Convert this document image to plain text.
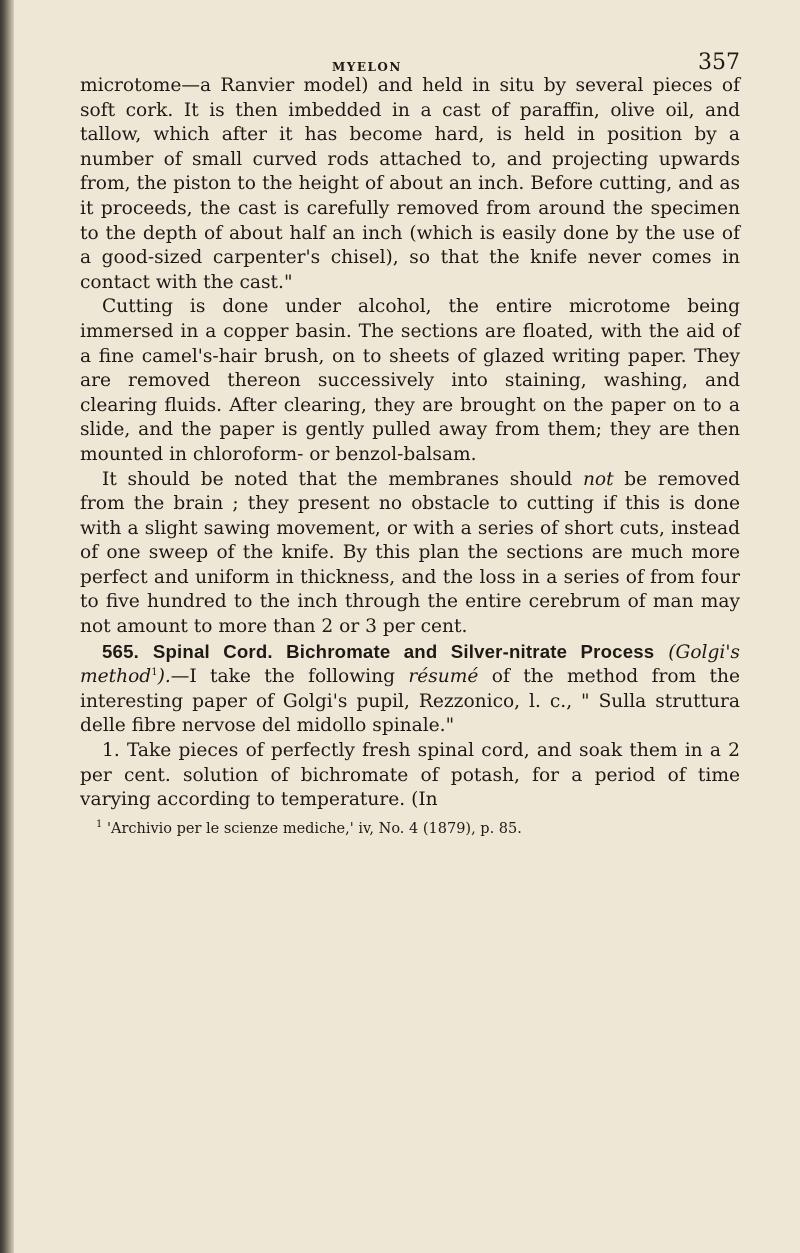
MYELON	357

microtome—a Ranvier model) and held in situ by several pieces of soft cork. It is then imbedded in a cast of paraffin, olive oil, and tallow, which after it has become hard, is held in position by a number of small curved rods attached to, and projecting upwards from, the piston to the height of about an inch. Before cutting, and as it proceeds, the cast is carefully removed from around the specimen to the depth of about half an inch (which is easily done by the use of a good-sized carpenter's chisel), so that the knife never comes in contact with the cast."

Cutting is done under alcohol, the entire microtome being immersed in a copper basin. The sections are floated, with the aid of a fine camel's-hair brush, on to sheets of glazed writing paper. They are removed thereon successively into staining, washing, and clearing fluids. After clearing, they are brought on the paper on to a slide, and the paper is gently pulled away from them; they are then mounted in chloroform- or benzol-balsam.

It should be noted that the membranes should not be removed from the brain ; they present no obstacle to cutting if this is done with a slight sawing movement, or with a series of short cuts, instead of one sweep of the knife. By this plan the sections are much more perfect and uniform in thickness, and the loss in a series of from four to five hundred to the inch through the entire cerebrum of man may not amount to more than 2 or 3 per cent.

565. Spinal Cord. Bichromate and Silver-nitrate Process (Golgi's method$^1$).—I take the following résumé of the method from the interesting paper of Golgi's pupil, Rezzonico, l. c., " Sulla struttura delle fibre nervose del midollo spinale."

1. Take pieces of perfectly fresh spinal cord, and soak them in a 2 per cent. solution of bichromate of potash, for a period of time varying according to temperature. (In

$^1$ 'Archivio per le scienze mediche,' iv, No. 4 (1879), p. 85.
